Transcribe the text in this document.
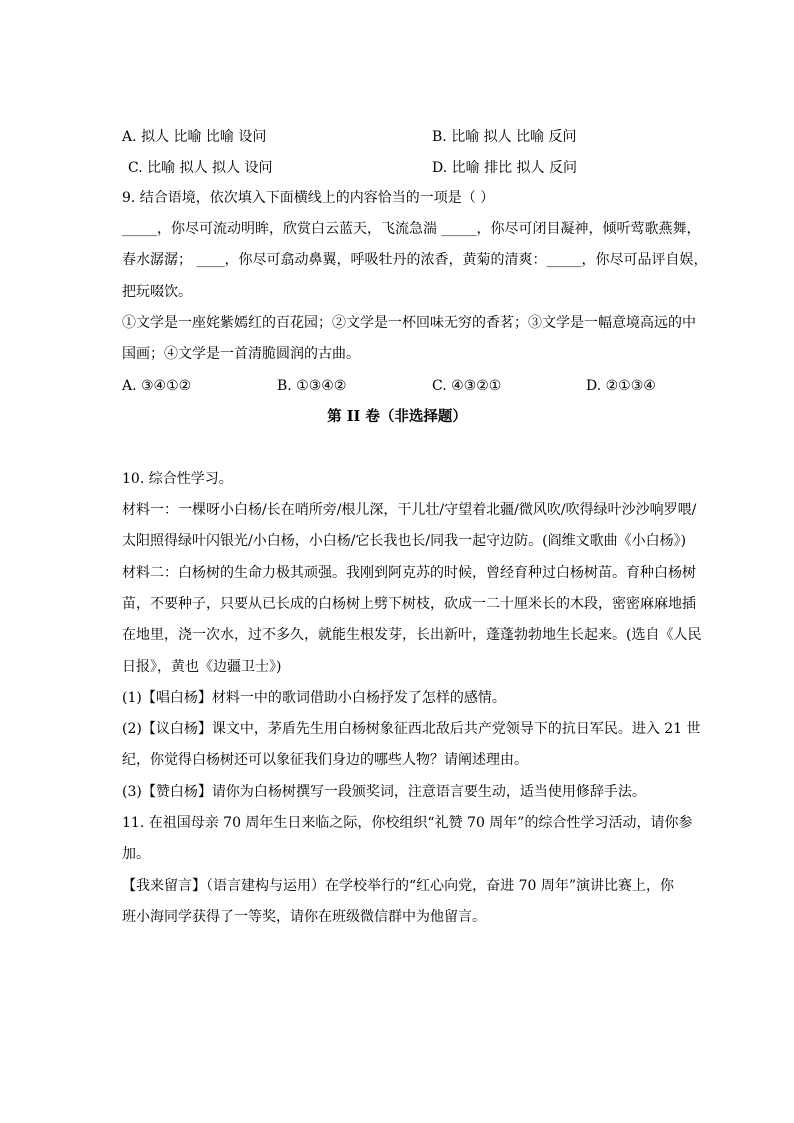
A. 拟人 比喻 比喻 设问	B. 比喻 拟人 比喻 反问
C. 比喻 拟人 拟人 设问	D. 比喻 排比 拟人 反问
9. 结合语境，依次填入下面横线上的内容恰当的一项是（ ）
_____，你尽可流动明眸，欣赏白云蓝天，飞流急湍 _____，你尽可闭目凝神，倾听莺歌燕舞，
春水潺潺； ____，你尽可翕动鼻翼，呼吸牡丹的浓香，黄菊的清爽：_____，你尽可品评自娱，
把玩啜饮。
①文学是一座姹紫嫣红的百花园；②文学是一杯回味无穷的香茗；③文学是一幅意境高远的中
国画；④文学是一首清脆圆润的古曲。
A. ③④①②	B. ①③④②	C. ④③②①	D. ②①③④
第 II 卷（非选择题）
10. 综合性学习。
材料一：一棵呀小白杨/长在哨所旁/根儿深，干儿壮/守望着北疆/微风吹/吹得绿叶沙沙响罗喂/
太阳照得绿叶闪银光/小白杨，小白杨/它长我也长/同我一起守边防。(阎维文歌曲《小白杨》)
材料二：白杨树的生命力极其顽强。我刚到阿克苏的时候，曾经育种过白杨树苗。育种白杨树
苗，不要种子，只要从已长成的白杨树上劈下树枝，砍成一二十厘米长的木段，密密麻麻地插
在地里，浇一次水，过不多久，就能生根发芽，长出新叶，蓬蓬勃勃地生长起来。(选自《人民
日报》，黄也《边疆卫士》)
(1)【唱白杨】材料一中的歌词借助小白杨抒发了怎样的感情。
(2)【议白杨】课文中，茅盾先生用白杨树象征西北敌后共产党领导下的抗日军民。进入 21 世
纪，你觉得白杨树还可以象征我们身边的哪些人物？请阐述理由。
(3)【赞白杨】请你为白杨树撰写一段颁奖词，注意语言要生动，适当使用修辞手法。
11. 在祖国母亲 70 周年生日来临之际，你校组织“礼赞 70 周年”的综合性学习活动，请你参
加。
【我来留言】（语言建构与运用）在学校举行的“红心向党，奋进 70 周年”演讲比赛上，你
班小海同学获得了一等奖，请你在班级微信群中为他留言。
